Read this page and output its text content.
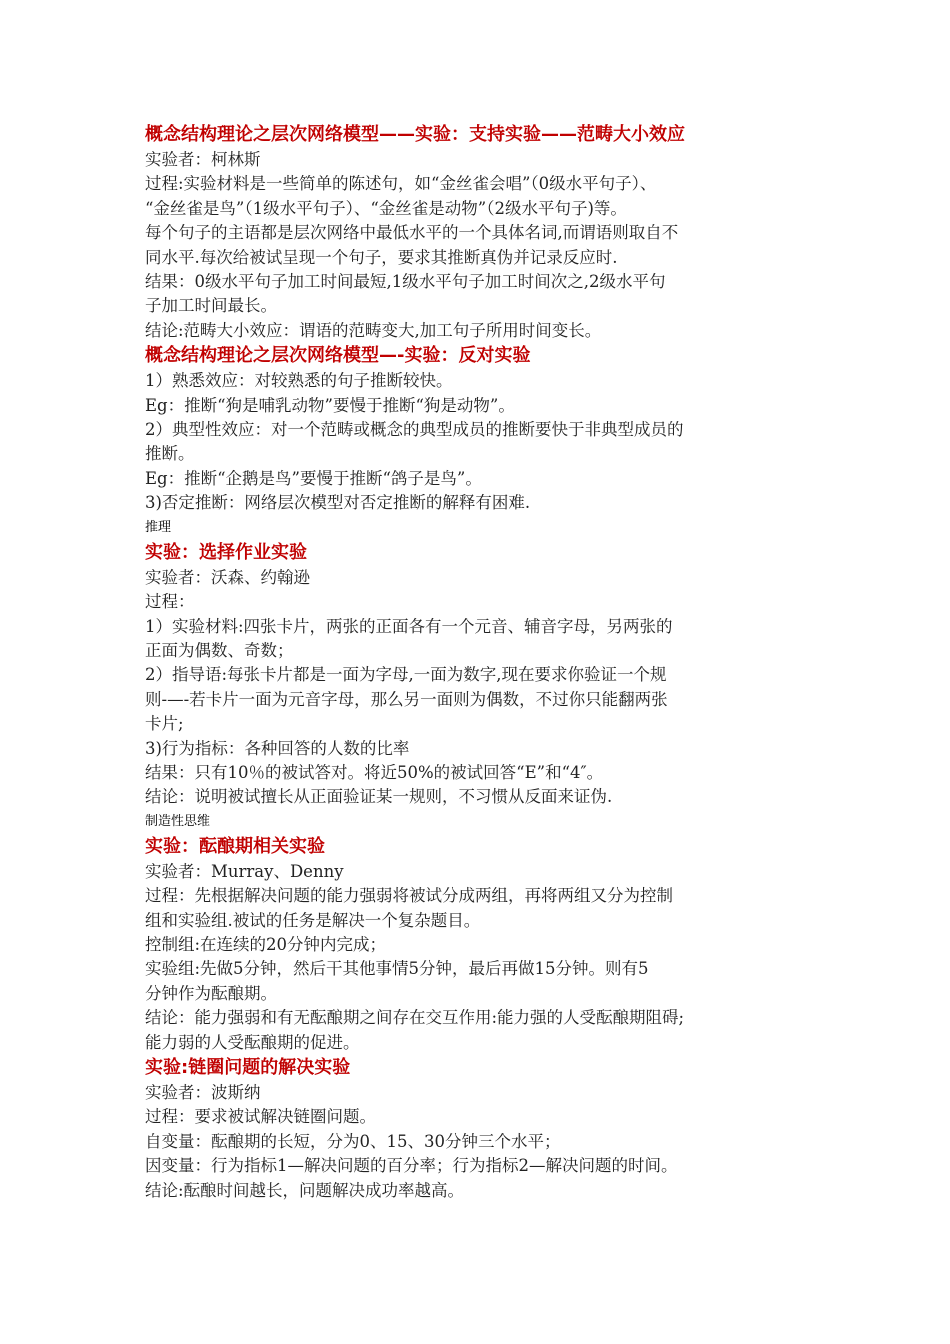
概念结构理论之层次网络模型——实验：支持实验——范畴大小效应
实验者：柯林斯
过程:实验材料是一些简单的陈述句，如“金丝雀会唱”（0级水平句子）、
“金丝雀是鸟”（1级水平句子）、“金丝雀是动物”（2级水平句子)等。
每个句子的主语都是层次网络中最低水平的一个具体名词,而谓语则取自不
同水平.每次给被试呈现一个句子，要求其推断真伪并记录反应时.
结果：0级水平句子加工时间最短,1级水平句子加工时间次之,2级水平句
子加工时间最长。
结论:范畴大小效应：谓语的范畴变大,加工句子所用时间变长。
概念结构理论之层次网络模型—-实验：反对实验
1）熟悉效应：对较熟悉的句子推断较快。
Eg：推断“狗是哺乳动物”要慢于推断“狗是动物”。
2）典型性效应：对一个范畴或概念的典型成员的推断要快于非典型成员的
推断。
Eg：推断“企鹅是鸟”要慢于推断“鸽子是鸟”。
3)否定推断：网络层次模型对否定推断的解释有困难.
推理
实验：选择作业实验
实验者：沃森、约翰逊
过程：
1）实验材料:四张卡片，两张的正面各有一个元音、辅音字母，另两张的
正面为偶数、奇数；
2）指导语:每张卡片都是一面为字母,一面为数字,现在要求你验证一个规
则-—-若卡片一面为元音字母，那么另一面则为偶数，不过你只能翻两张
卡片;
3)行为指标：各种回答的人数的比率
结果：只有10％的被试答对。将近50%的被试回答“E”和“4″。
结论：说明被试擅长从正面验证某一规则，不习惯从反面来证伪.
制造性思维
实验：酝酿期相关实验
实验者：Murray、Denny
过程：先根据解决问题的能力强弱将被试分成两组，再将两组又分为控制
组和实验组.被试的任务是解决一个复杂题目。
控制组:在连续的20分钟内完成；
实验组:先做5分钟，然后干其他事情5分钟，最后再做15分钟。则有5
分钟作为酝酿期。
结论：能力强弱和有无酝酿期之间存在交互作用:能力强的人受酝酿期阻碍;
能力弱的人受酝酿期的促进。
实验:链圈问题的解决实验
实验者：波斯纳
过程：要求被试解决链圈问题。
自变量：酝酿期的长短，分为0、15、30分钟三个水平；
因变量：行为指标1—解决问题的百分率；行为指标2—解决问题的时间。
结论:酝酿时间越长，问题解决成功率越高。
